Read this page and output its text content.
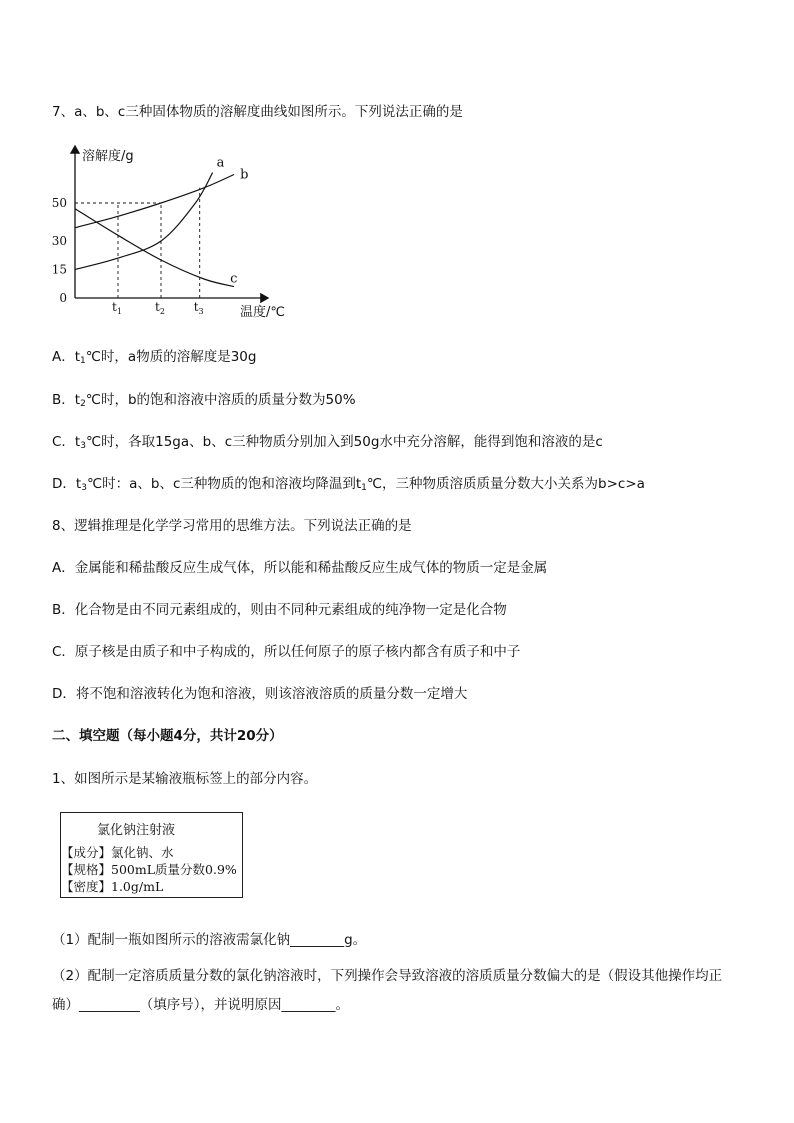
7、a、b、c三种固体物质的溶解度曲线如图所示。下列说法正确的是
0
15
30
50
$t_1$	$t_2$ $t_3$
a
b
c
溶解度/g
温度/℃
A．$t_1℃$时，a物质的溶解度是30g
B．$t_2℃$时，b的饱和溶液中溶质的质量分数为50%
C．$t_3℃$时，各取15ga、b、c三种物质分别加入到50g水中充分溶解，能得到饱和溶液的是c
D．$t_3℃$时：a、b、c三种物质的饱和溶液均降温到$t_1℃$，三种物质溶质质量分数大小关系为b>c>a
8、逻辑推理是化学学习常用的思维方法。下列说法正确的是
A．金属能和稀盐酸反应生成气体，所以能和稀盐酸反应生成气体的物质一定是金属
B．化合物是由不同元素组成的，则由不同种元素组成的纯净物一定是化合物
C．原子核是由质子和中子构成的，所以任何原子的原子核内都含有质子和中子
D．将不饱和溶液转化为饱和溶液，则该溶液溶质的质量分数一定增大
二、填空题（每小题4分，共计20分）
1、如图所示是某输液瓶标签上的部分内容。
氯化钠注射液
【成分】氯化钠、水
【规格】500mL质量分数0.9%
【密度】1.0g/mL
（1）配制一瓶如图所示的溶液需氯化钠________g。
（2）配制一定溶质质量分数的氯化钠溶液时，下列操作会导致溶液的溶质质量分数偏大的是（假设其他操作均正确）_________（填序号），并说明原因________。
